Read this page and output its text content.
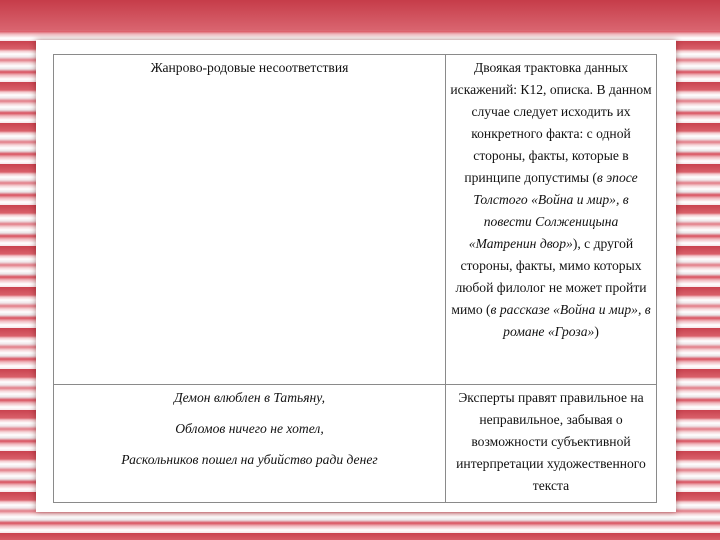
Жанрово-родовые несоответствия	Двоякая трактовка данных искажений: К12, описка. В данном случае следует исходить их конкретного факта: с одной стороны, факты, которые в принципе допустимы (в эпосе Толстого «Война и мир», в повести Солженицына «Матренин двор»), с другой стороны, факты, мимо которых любой филолог не может пройти мимо (в рассказе «Война и мир», в романе «Гроза»)

Демон влюблен в Татьяну,

Обломов ничего не хотел,

Раскольников пошел на убийство ради денег	Эксперты правят правильное на неправильное, забывая о возможности субъективной интерпретации художественного текста
